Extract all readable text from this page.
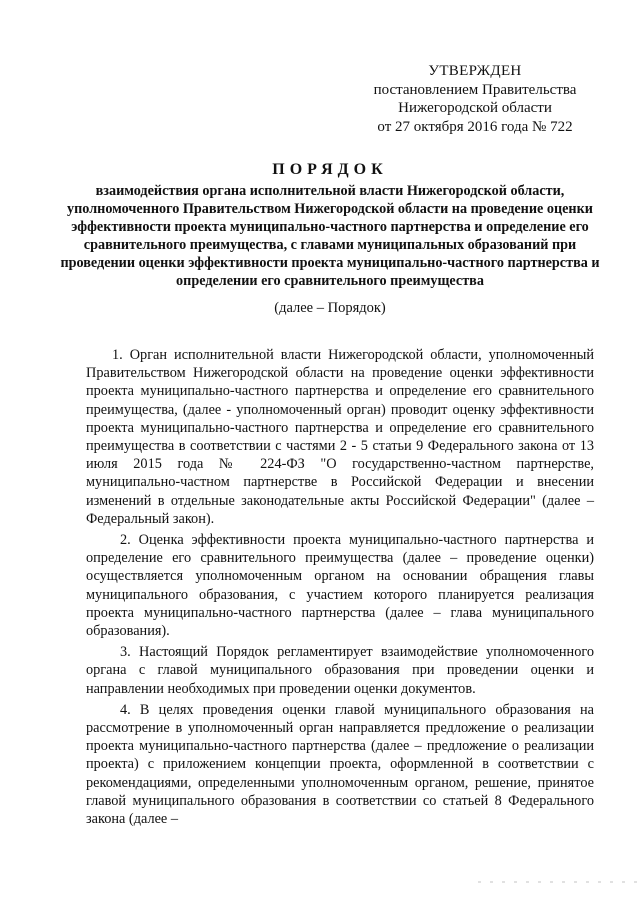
УТВЕРЖДЕН
постановлением Правительства
Нижегородской области
от 27 октября 2016 года № 722
ПОРЯДОК
взаимодействия органа исполнительной власти Нижегородской области, уполномоченного Правительством Нижегородской области на проведение оценки эффективности проекта муниципально-частного партнерства и определение его сравнительного преимущества, с главами муниципальных образований при проведении оценки эффективности проекта муниципально-частного партнерства и определении его сравнительного преимущества
(далее – Порядок)

1. Орган исполнительной власти Нижегородской области, уполномоченный Правительством Нижегородской области на проведение оценки эффективности проекта муниципально-частного партнерства и определение его сравнительного преимущества, (далее - уполномоченный орган) проводит оценку эффективности проекта муниципально-частного партнерства и определение его сравнительного преимущества в соответствии с частями 2 - 5 статьи 9 Федерального закона от 13 июля 2015 года № 224-ФЗ "О государственно-частном партнерстве, муниципально-частном партнерстве в Российской Федерации и внесении изменений в отдельные законодательные акты Российской Федерации" (далее – Федеральный закон).

2. Оценка эффективности проекта муниципально-частного партнерства и определение его сравнительного преимущества (далее – проведение оценки) осуществляется уполномоченным органом на основании обращения главы муниципального образования, с участием которого планируется реализация проекта муниципально-частного партнерства (далее – глава муниципального образования).

3. Настоящий Порядок регламентирует взаимодействие уполномоченного органа с главой муниципального образования при проведении оценки и направлении необходимых при проведении оценки документов.

4. В целях проведения оценки главой муниципального образования на рассмотрение в уполномоченный орган направляется предложение о реализации проекта муниципально-частного партнерства (далее – предложение о реализации проекта) с приложением концепции проекта, оформленной в соответствии с рекомендациями, определенными уполномоченным органом, решение, принятое главой муниципального образования в соответствии со статьей 8 Федерального закона (далее –
